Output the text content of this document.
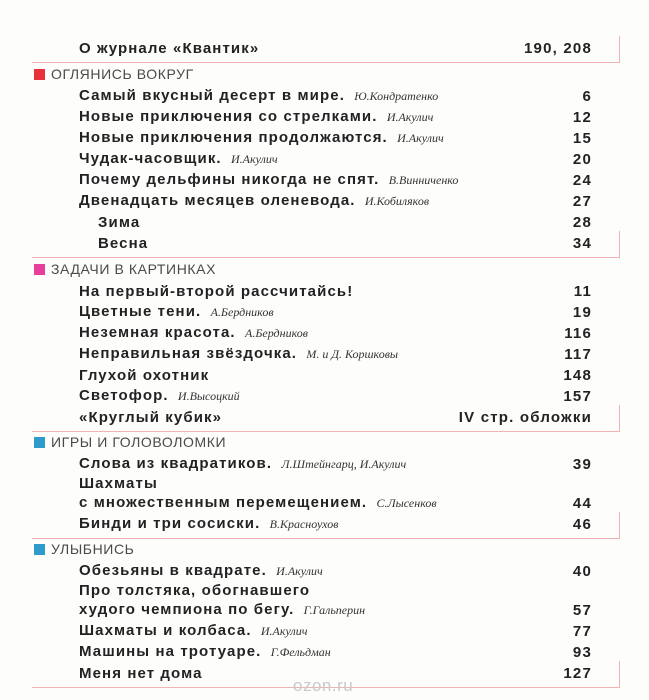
О журнале «Квантик»	190, 208
ОГЛЯНИСЬ ВОКРУГ
Самый вкусный десерт в мире. Ю.Кондратенко	6
Новые приключения со стрелками. И.Акулич	12
Новые приключения продолжаются. И.Акулич	15
Чудак-часовщик. И.Акулич	20
Почему дельфины никогда не спят. В.Винниченко	24
Двенадцать месяцев оленевода. И.Кобиляков	27
Зима	28
Весна	34
ЗАДАЧИ В КАРТИНКАХ
На первый-второй рассчитайсь!	11
Цветные тени. А.Бердников	19
Неземная красота. А.Бердников	116
Неправильная звёздочка. М. и Д. Коршковы	117
Глухой охотник	148
Светофор. И.Высоцкий	157
«Круглый кубик»	IV стр. обложки
ИГРЫ И ГОЛОВОЛОМКИ
Слова из квадратиков. Л.Штейнгарц, И.Акулич	39
Шахматы
с множественным перемещением. С.Лысенков	44
Бинди и три сосиски. В.Красноухов	46
УЛЫБНИСЬ
Обезьяны в квадрате. И.Акулич	40
Про толстяка, обогнавшего
худого чемпиона по бегу. Г.Гальперин	57
Шахматы и колбаса. И.Акулич	77
Машины на тротуаре. Г.Фельдман	93
Меня нет дома	127
ozon.ru
